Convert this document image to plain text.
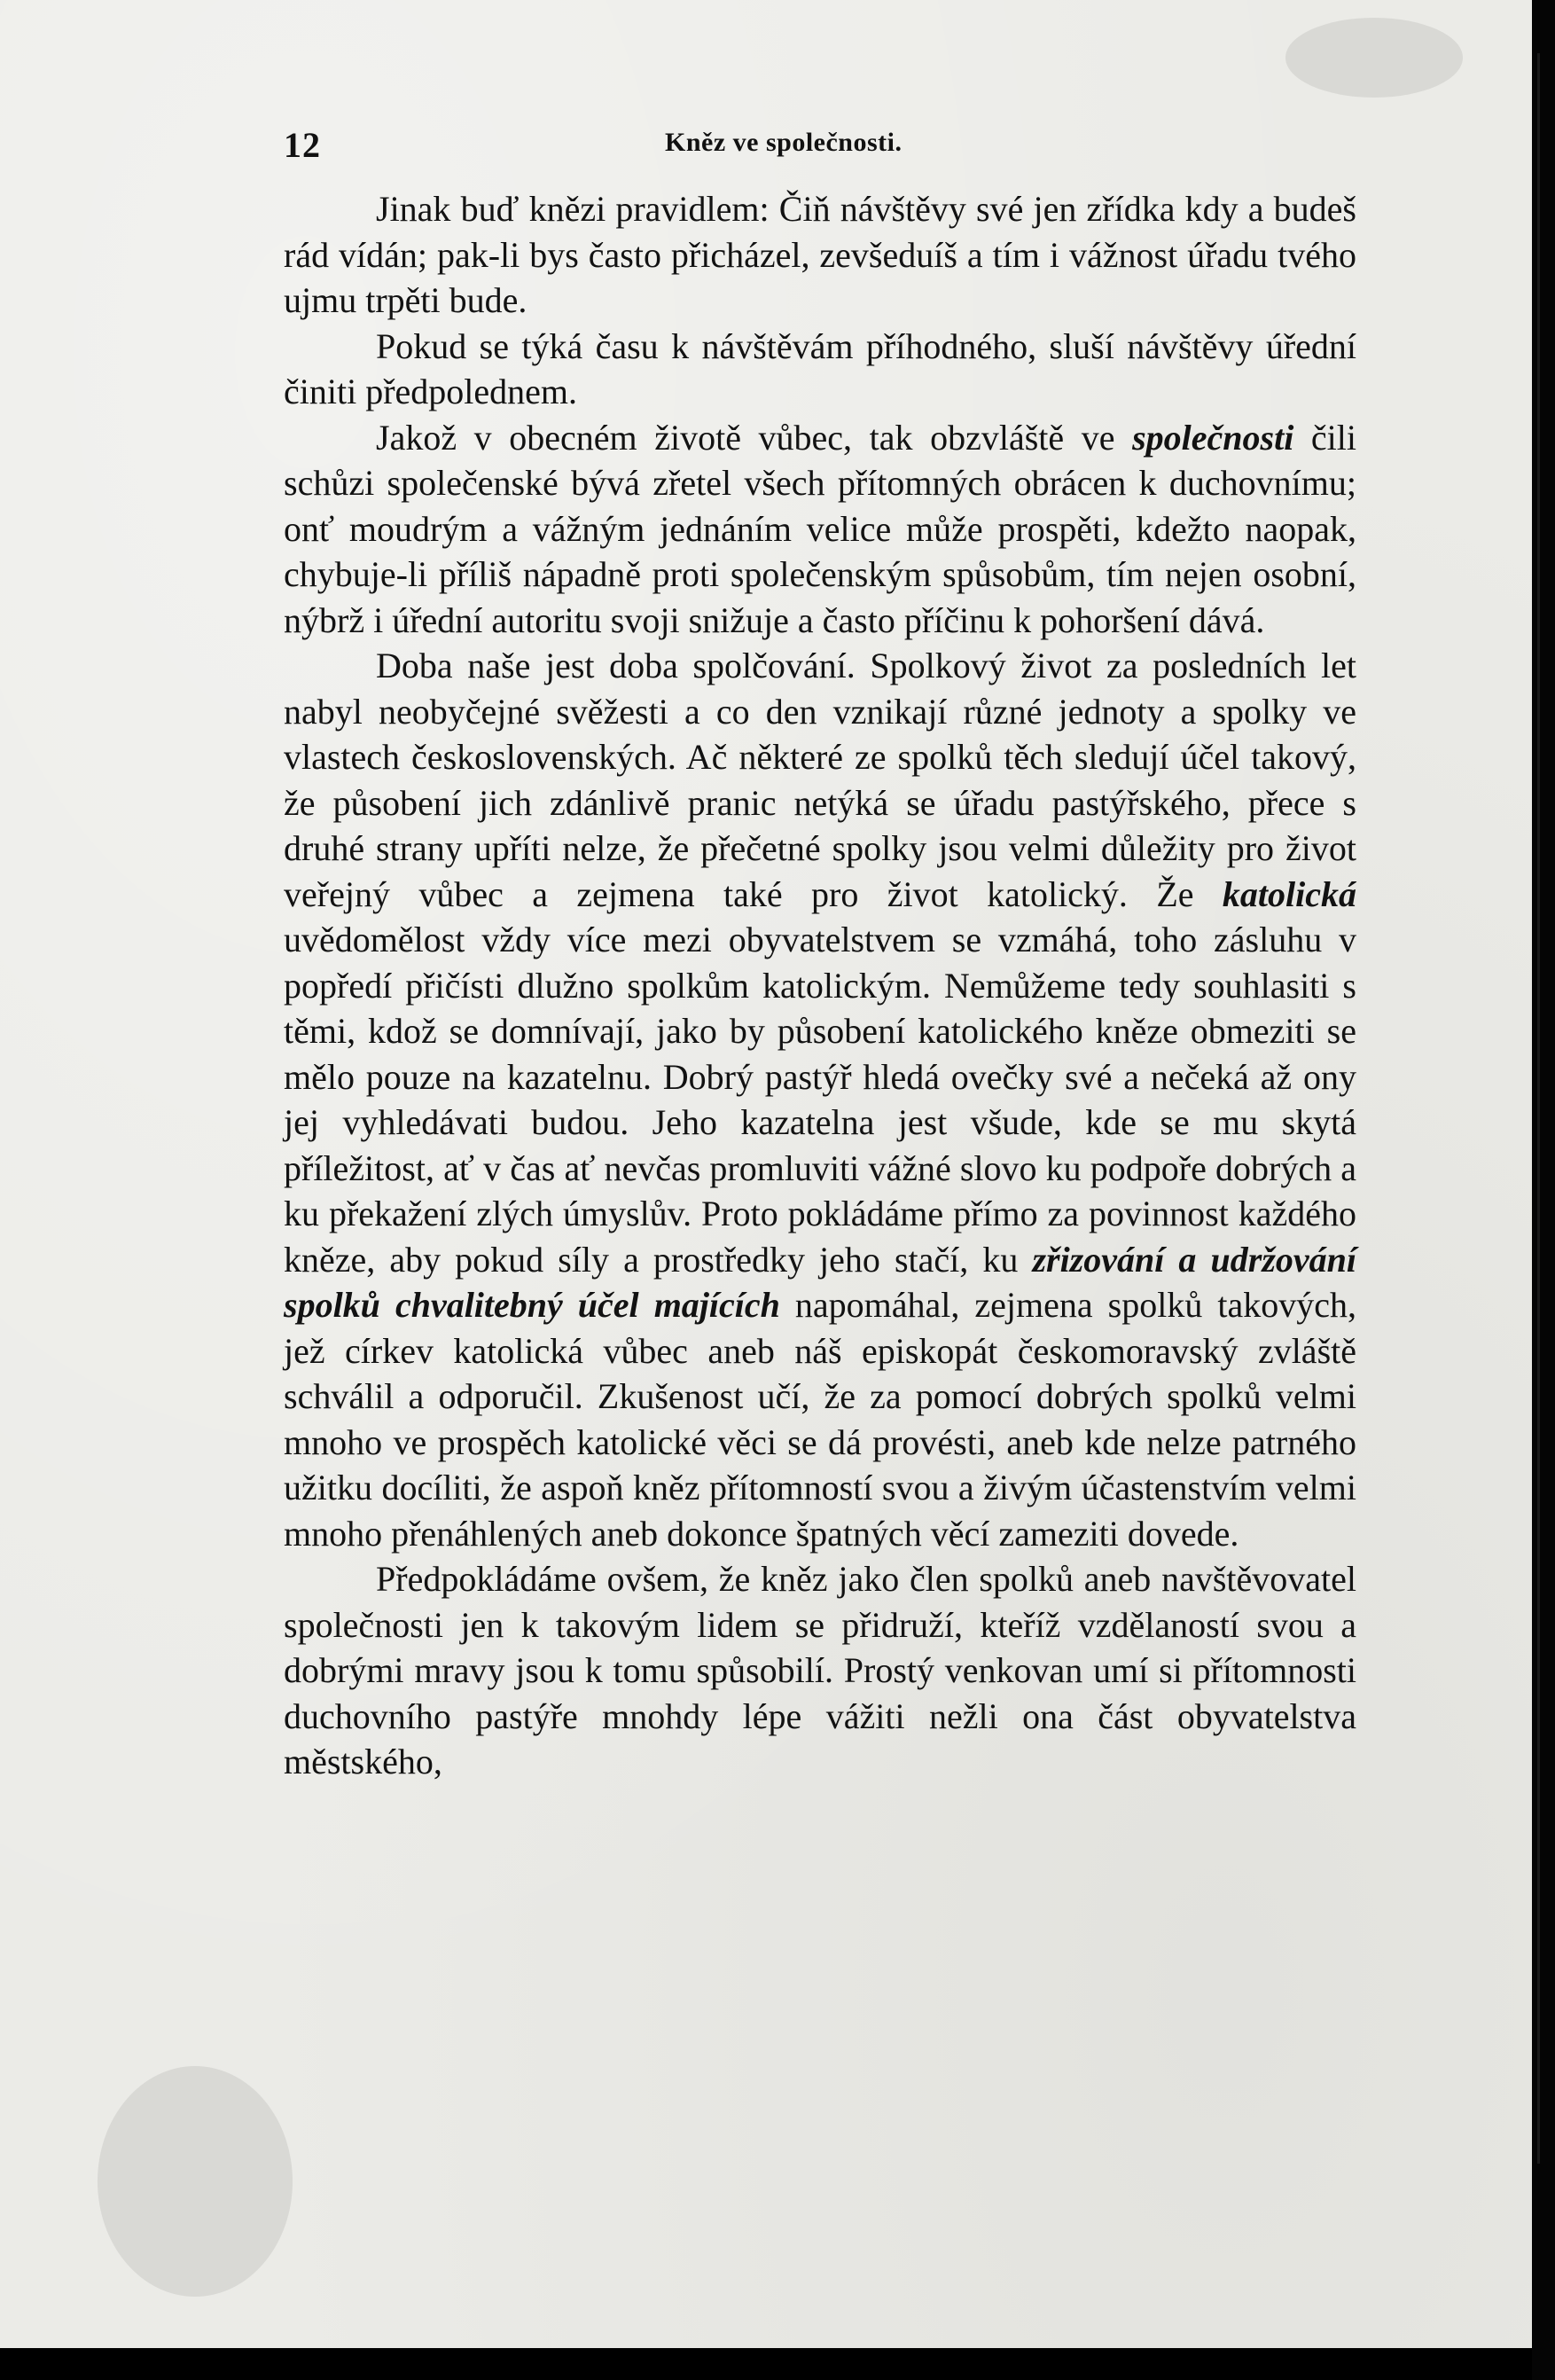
12	Kněz ve společnosti.

Jinak buď knězi pravidlem: Čiň návštěvy své jen zřídka kdy a budeš rád vídán; pak-li bys často přicházel, zevšeduíš a tím i vážnost úřadu tvého ujmu trpěti bude.

Pokud se týká času k návštěvám příhodného, sluší návštěvy úřední činiti předpolednem.

Jakož v obecném životě vůbec, tak obzvláště ve společnosti čili schůzi společenské bývá zřetel všech přítomných obrácen k duchovnímu; onť moudrým a vážným jednáním velice může prospěti, kdežto naopak, chybuje-li příliš nápadně proti společenským spůsobům, tím nejen osobní, nýbrž i úřední autoritu svoji snižuje a často příčinu k pohoršení dává.

Doba naše jest doba spolčování. Spolkový život za posledních let nabyl neobyčejné svěžesti a co den vznikají různé jednoty a spolky ve vlastech československých. Ač některé ze spolků těch sledují účel takový, že působení jich zdánlivě pranic netýká se úřadu pastýřského, přece s druhé strany upříti nelze, že přečetné spolky jsou velmi důležity pro život veřejný vůbec a zejmena také pro život katolický. Že katolická uvědomělost vždy více mezi obyvatelstvem se vzmáhá, toho zásluhu v popředí přičísti dlužno spolkům katolickým. Nemůžeme tedy souhlasiti s těmi, kdož se domnívají, jako by působení katolického kněze obmeziti se mělo pouze na kazatelnu. Dobrý pastýř hledá ovečky své a nečeká až ony jej vyhledávati budou. Jeho kazatelna jest všude, kde se mu skytá příležitost, ať v čas ať nevčas promluviti vážné slovo ku podpoře dobrých a ku překažení zlých úmyslův. Proto pokládáme přímo za povinnost každého kněze, aby pokud síly a prostředky jeho stačí, ku zřizování a udržování spolků chvalitebný účel majících napomáhal, zejmena spolků takových, jež církev katolická vůbec aneb náš episkopát českomoravský zvláště schválil a odporučil. Zkušenost učí, že za pomocí dobrých spolků velmi mnoho ve prospěch katolické věci se dá provésti, aneb kde nelze patrného užitku docíliti, že aspoň kněz přítomností svou a živým účastenstvím velmi mnoho přenáhlených aneb dokonce špatných věcí zameziti dovede.

Předpokládáme ovšem, že kněz jako člen spolků aneb navštěvovatel společnosti jen k takovým lidem se přidruží, kteříž vzdělaností svou a dobrými mravy jsou k tomu spůsobilí. Prostý venkovan umí si přítomnosti duchovního pastýře mnohdy lépe vážiti nežli ona část obyvatelstva městského,
